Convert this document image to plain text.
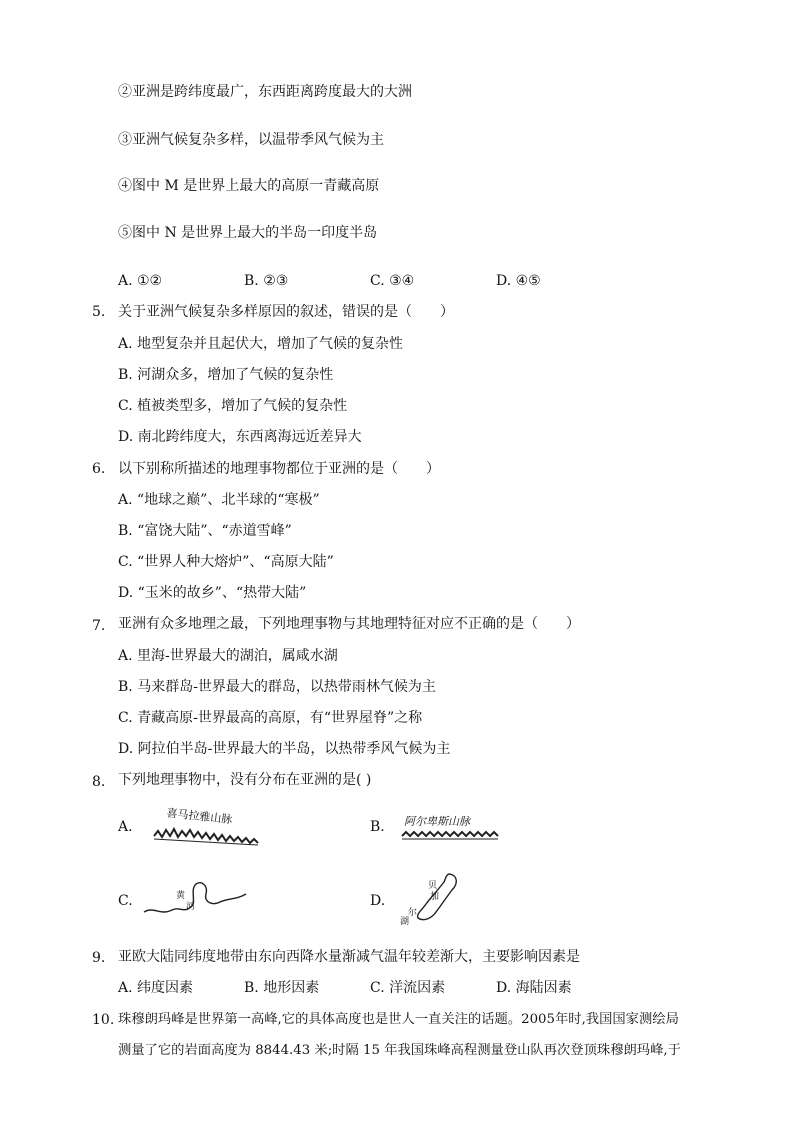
②亚洲是跨纬度最广，东西距离跨度最大的大洲
③亚洲气候复杂多样，以温带季风气候为主
④图中 M 是世界上最大的高原一青藏高原
⑤图中 N 是世界上最大的半岛一印度半岛
A. ①②	B. ②③	C. ③④	D. ④⑤
5. 关于亚洲气候复杂多样原因的叙述，错误的是（　　）
A. 地型复杂并且起伏大，增加了气候的复杂性
B. 河湖众多，增加了气候的复杂性
C. 植被类型多，增加了气候的复杂性
D. 南北跨纬度大，东西离海远近差异大
6. 以下别称所描述的地理事物都位于亚洲的是（　　）
A. “地球之巅”、北半球的“寒极”
B. “富饶大陆”、“赤道雪峰”
C. “世界人种大熔炉”、“高原大陆”
D. “玉米的故乡”、“热带大陆”
7. 亚洲有众多地理之最，下列地理事物与其地理特征对应不正确的是（　　）
A. 里海-世界最大的湖泊，属咸水湖
B. 马来群岛-世界最大的群岛，以热带雨林气候为主
C. 青藏高原-世界最高的高原，有“世界屋脊”之称
D. 阿拉伯半岛-世界最大的半岛，以热带季风气候为主
8. 下列地理事物中，没有分布在亚洲的是( )
A.
喜马拉雅山脉
B. 阿尔卑斯山脉
C.	黄
河	D.
贝
加
尔
湖
9. 亚欧大陆同纬度地带由东向西降水量渐减气温年较差渐大，主要影响因素是
A. 纬度因素	B. 地形因素	C. 洋流因素	D. 海陆因素
10. 珠穆朗玛峰是世界第一高峰,它的具体高度也是世人一直关注的话题。2005年时,我国国家测绘局
测量了它的岩面高度为 8844.43 米;时隔 15 年我国珠峰高程测量登山队再次登顶珠穆朗玛峰,于
